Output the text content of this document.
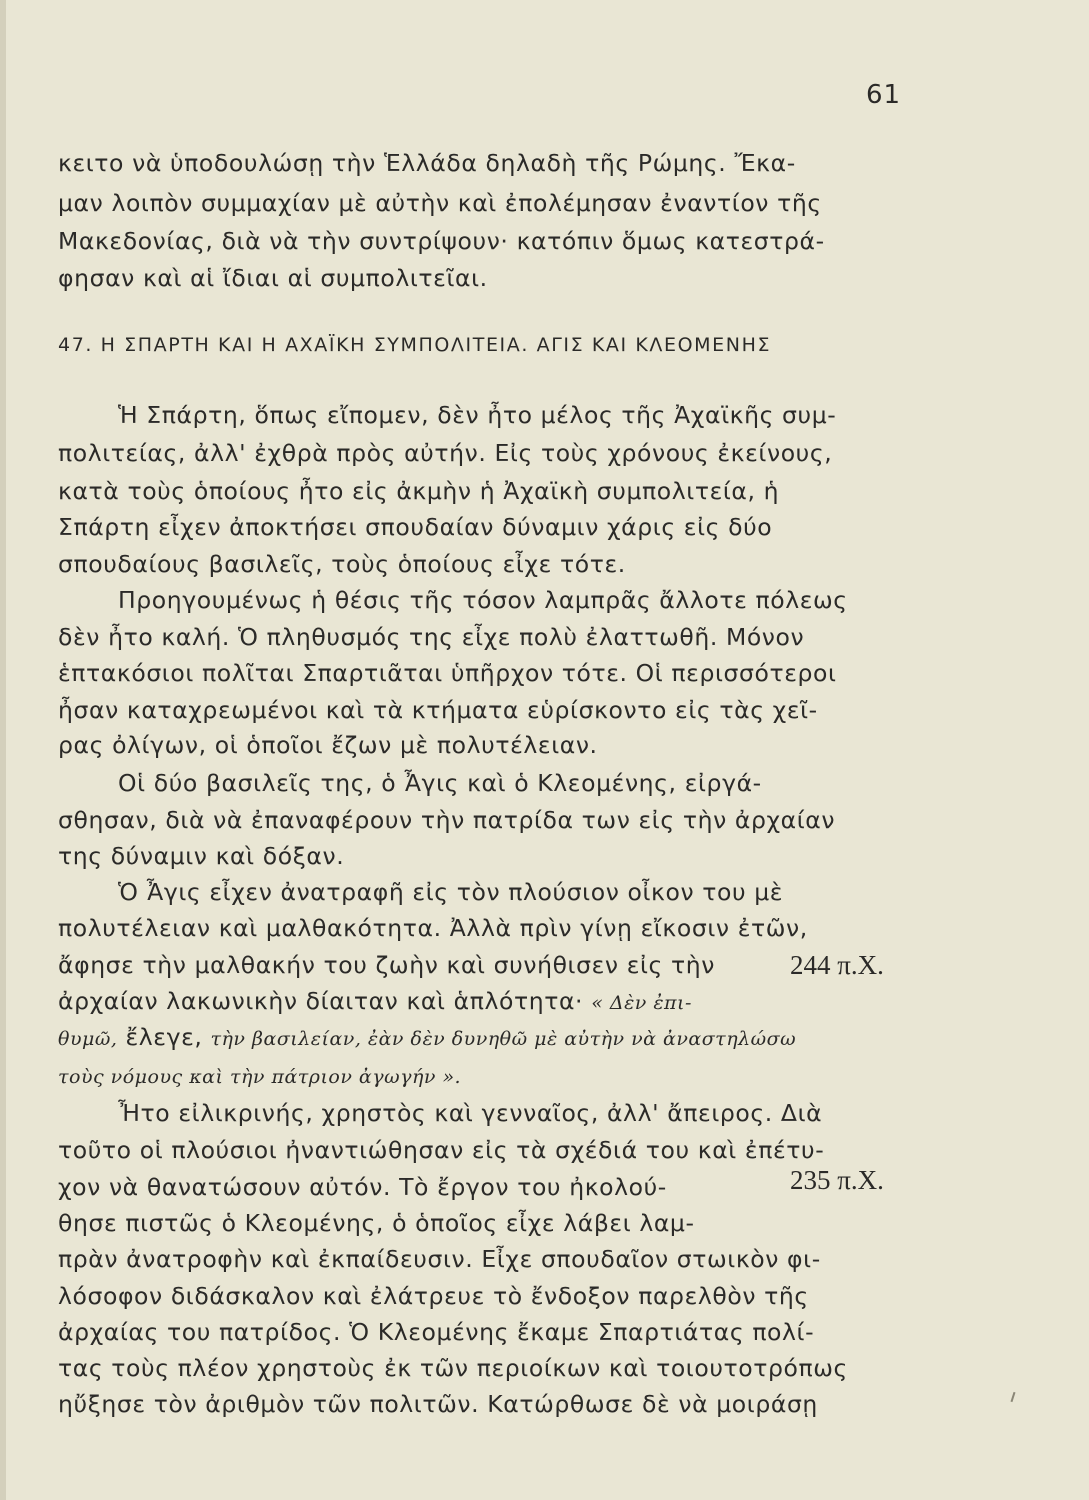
61
κειτο νὰ ὑποδουλώσῃ τὴν Ἑλλάδα δηλαδὴ τῆς Ρώμης. Ἔκα-
μαν λοιπὸν συμμαχίαν μὲ αὐτὴν καὶ ἐπολέμησαν ἐναντίον τῆς
Μακεδονίας, διὰ νὰ τὴν συντρίψουν· κατόπιν ὅμως κατεστρά-
φησαν καὶ αἱ ἴδιαι αἱ συμπολιτεῖαι.
47. Η ΣΠΑΡΤΗ ΚΑΙ Η ΑΧΑΪΚΗ ΣΥΜΠΟΛΙΤΕΙΑ. ΑΓΙΣ ΚΑΙ ΚΛΕΟΜΕΝΗΣ
Ἡ Σπάρτη, ὅπως εἴπομεν, δὲν ἦτο μέλος τῆς Ἀχαϊκῆς συμ-
πολιτείας, ἀλλ' ἐχθρὰ πρὸς αὐτήν. Εἰς τοὺς χρόνους ἐκείνους,
κατὰ τοὺς ὁποίους ἦτο εἰς ἀκμὴν ἡ Ἀχαϊκὴ συμπολιτεία, ἡ
Σπάρτη εἶχεν ἀποκτήσει σπουδαίαν δύναμιν χάρις εἰς δύο
σπουδαίους βασιλεῖς, τοὺς ὁποίους εἶχε τότε.
Προηγουμένως ἡ θέσις τῆς τόσον λαμπρᾶς ἄλλοτε πόλεως
δὲν ἦτο καλή. Ὁ πληθυσμός της εἶχε πολὺ ἐλαττωθῆ. Μόνον
ἑπτακόσιοι πολῖται Σπαρτιᾶται ὑπῆρχον τότε. Οἱ περισσότεροι
ἦσαν καταχρεωμένοι καὶ τὰ κτήματα εὑρίσκοντο εἰς τὰς χεῖ-
ρας ὀλίγων, οἱ ὁποῖοι ἔζων μὲ πολυτέλειαν.
Οἱ δύο βασιλεῖς της, ὁ Ἆγις καὶ ὁ Κλεομένης, εἰργά-
σθησαν, διὰ νὰ ἐπαναφέρουν τὴν πατρίδα των εἰς τὴν ἀρχαίαν
της δύναμιν καὶ δόξαν.
Ὁ Ἆγις εἶχεν ἀνατραφῆ εἰς τὸν πλούσιον οἶκον του μὲ
πολυτέλειαν καὶ μαλθακότητα. Ἀλλὰ πρὶν γίνῃ εἴκοσιν ἐτῶν,
ἄφησε τὴν μαλθακήν του ζωὴν καὶ συνήθισεν εἰς τὴν
ἀρχαίαν λακωνικὴν δίαιταν καὶ ἁπλότητα· « Δὲν ἐπι-
θυμῶ, ἔλεγε, τὴν βασιλείαν, ἐὰν δὲν δυνηθῶ μὲ αὐτὴν νὰ ἀναστηλώσω
τοὺς νόμους καὶ τὴν πάτριον ἀγωγήν ».
Ἦτο εἰλικρινής, χρηστὸς καὶ γενναῖος, ἀλλ' ἄπειρος. Διὰ
τοῦτο οἱ πλούσιοι ἠναντιώθησαν εἰς τὰ σχέδιά του καὶ ἐπέτυ-
χον νὰ θανατώσουν αὐτόν. Τὸ ἔργον του ἠκολού-
θησε πιστῶς ὁ Κλεομένης, ὁ ὁποῖος εἶχε λάβει λαμ-
πρὰν ἀνατροφὴν καὶ ἐκπαίδευσιν. Εἶχε σπουδαῖον στωικὸν φι-
λόσοφον διδάσκαλον καὶ ἐλάτρευε τὸ ἔνδοξον παρελθὸν τῆς
ἀρχαίας του πατρίδος. Ὁ Κλεομένης ἔκαμε Σπαρτιάτας πολί-
τας τοὺς πλέον χρηστοὺς ἐκ τῶν περιοίκων καὶ τοιουτοτρόπως
ηὔξησε τὸν ἀριθμὸν τῶν πολιτῶν. Κατώρθωσε δὲ νὰ μοιράσῃ
244 π.Χ.
235 π.Χ.
